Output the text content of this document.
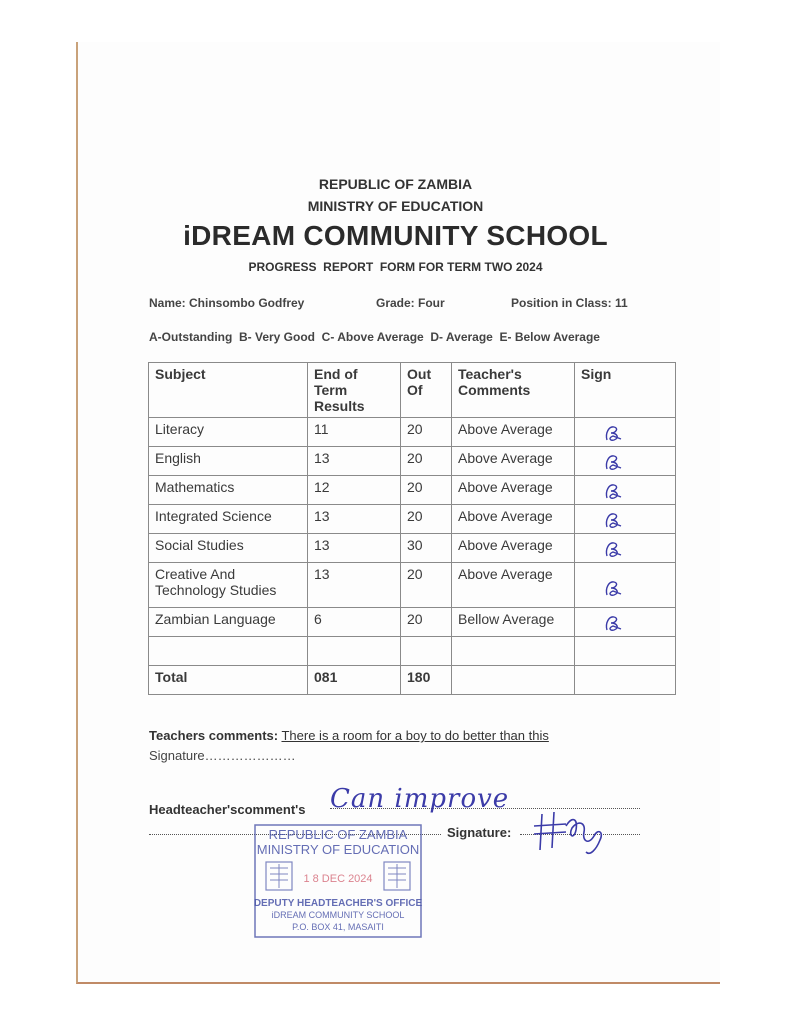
REPUBLIC OF ZAMBIA
MINISTRY OF EDUCATION
iDREAM COMMUNITY SCHOOL
PROGRESS  REPORT  FORM FOR TERM TWO 2024
Name: Chinsombo Godfrey	Grade: Four	Position in Class: 11
A-Outstanding  B- Very Good  C- Above Average  D- Average  E- Below Average
Subject	End of Term Results	Out Of	Teacher's Comments	Sign
Literacy	11	20	Above Average	

English	13	20	Above Average	

Mathematics	12	20	Above Average	

Integrated Science	13	20	Above Average	

Social Studies	13	30	Above Average	

Creative And Technology Studies	13	20	Above Average	

Zambian Language	6	20	Bellow Average	

Total	081	180		
Teachers comments: There is a room for a boy to do better than this
Signature…………………
Headteacher'scomment's Can improve
Signature:
REPUBLIC OF ZAMBIA
MINISTRY OF EDUCATION
1 8 DEC 2024
DEPUTY HEADTEACHER'S OFFICE
iDREAM COMMUNITY SCHOOL
P.O. BOX 41, MASAITI
